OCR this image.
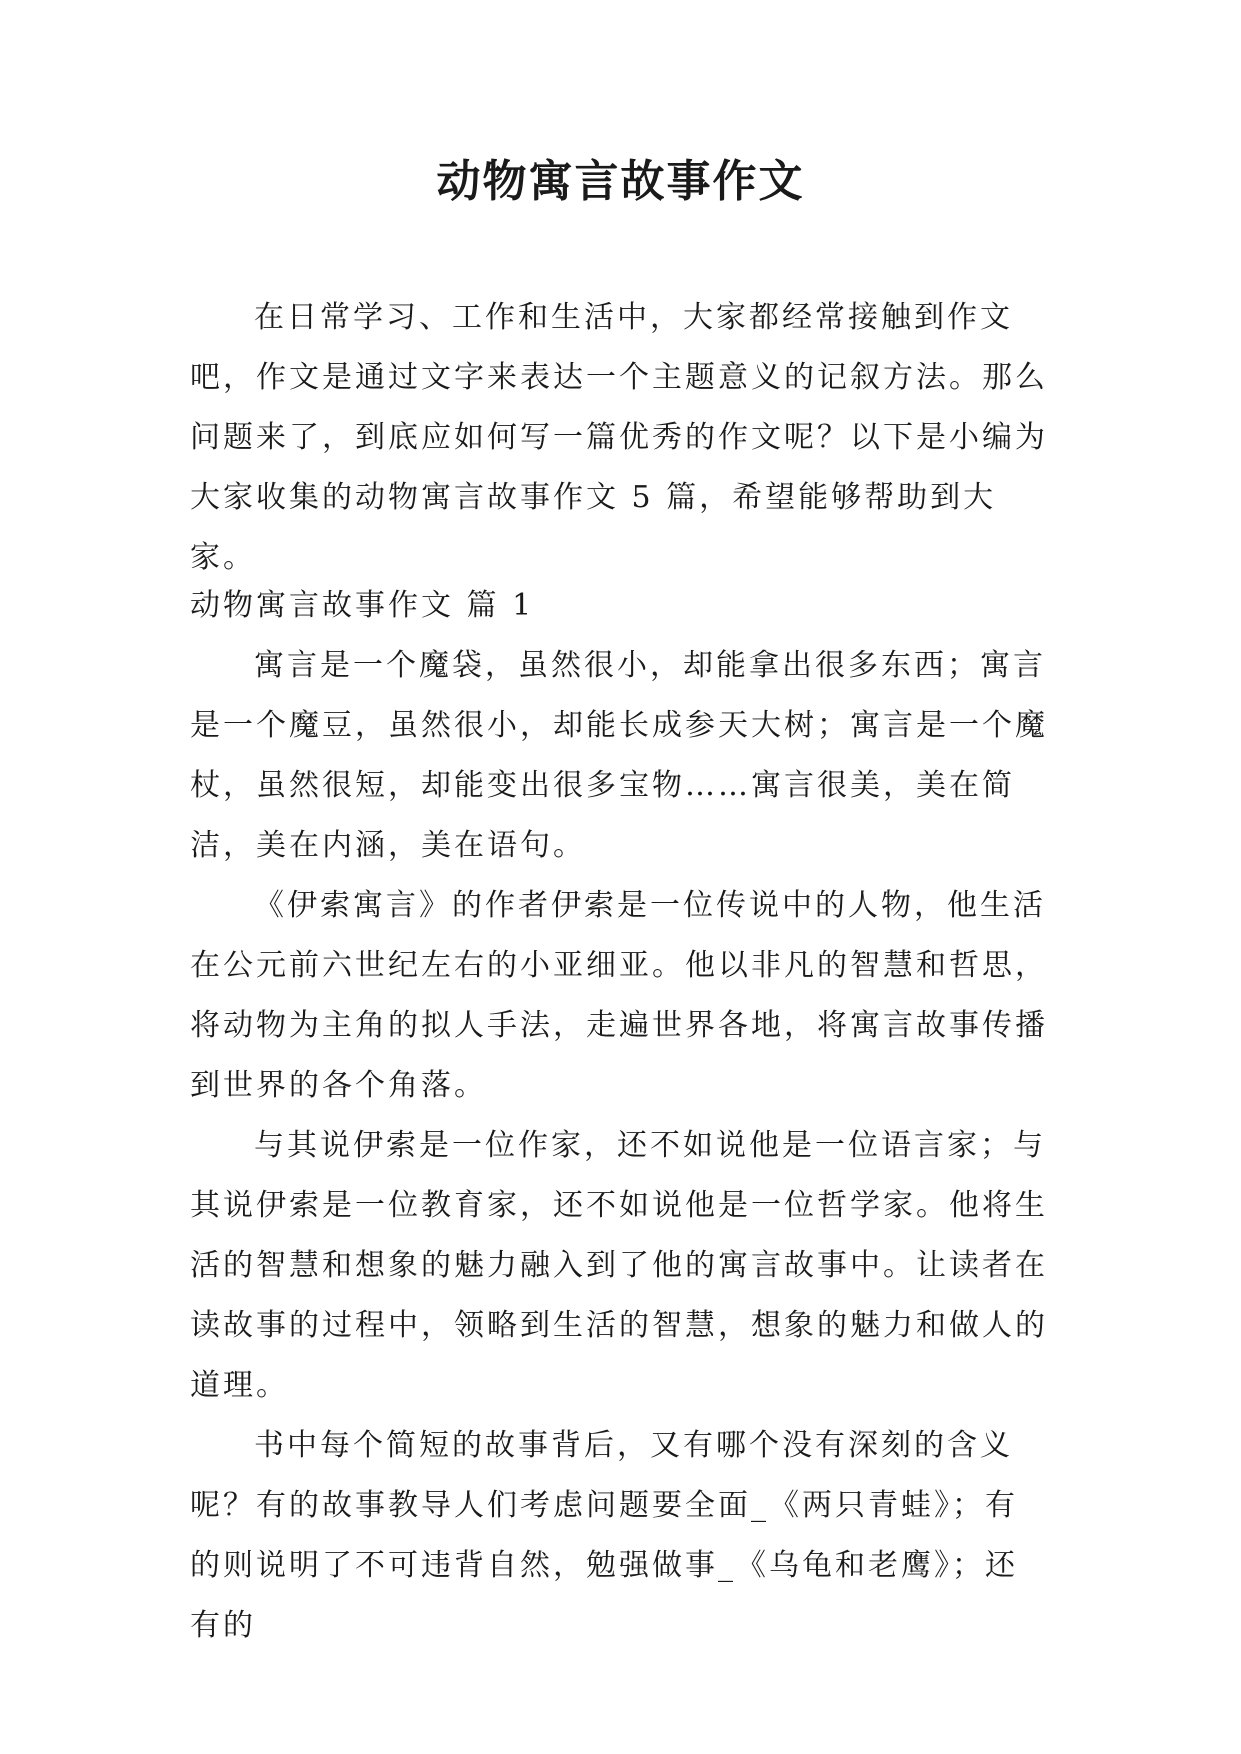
动物寓言故事作文

在日常学习、工作和生活中，大家都经常接触到作文吧，作文是通过文字来表达一个主题意义的记叙方法。那么问题来了，到底应如何写一篇优秀的作文呢？以下是小编为大家收集的动物寓言故事作文 5 篇，希望能够帮助到大家。

动物寓言故事作文 篇 1

寓言是一个魔袋，虽然很小，却能拿出很多东西；寓言是一个魔豆，虽然很小，却能长成参天大树；寓言是一个魔杖，虽然很短，却能变出很多宝物……寓言很美，美在简洁，美在内涵，美在语句。

《伊索寓言》的作者伊索是一位传说中的人物，他生活在公元前六世纪左右的小亚细亚。他以非凡的智慧和哲思，将动物为主角的拟人手法，走遍世界各地，将寓言故事传播到世界的各个角落。

与其说伊索是一位作家，还不如说他是一位语言家；与其说伊索是一位教育家，还不如说他是一位哲学家。他将生活的智慧和想象的魅力融入到了他的寓言故事中。让读者在读故事的过程中，领略到生活的智慧，想象的魅力和做人的道理。

书中每个简短的故事背后，又有哪个没有深刻的含义呢？有的故事教导人们考虑问题要全面_《两只青蛙》；有的则说明了不可违背自然，勉强做事_《乌龟和老鹰》；还有的
